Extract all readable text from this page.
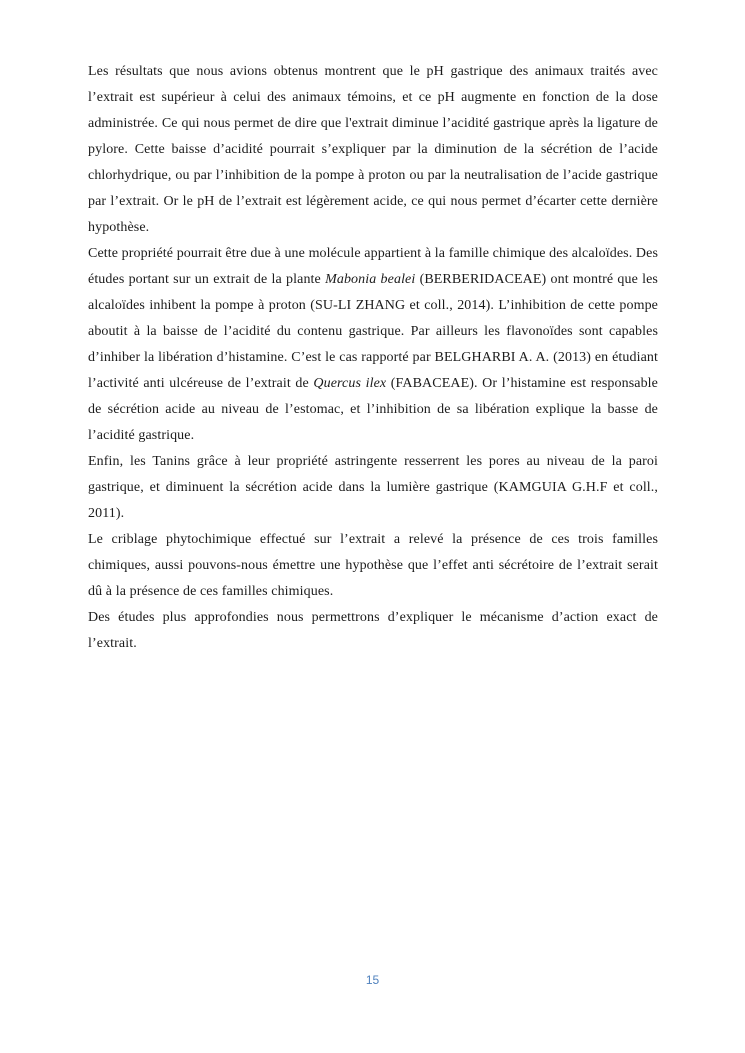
Les résultats que nous avions obtenus montrent que le pH gastrique des animaux traités avec l’extrait est supérieur à celui des animaux témoins, et ce pH augmente en fonction de la dose administrée. Ce qui nous permet de dire que l'extrait diminue l’acidité gastrique après la ligature de pylore. Cette baisse d’acidité pourrait s’expliquer par la diminution de la sécrétion de l’acide chlorhydrique, ou par l’inhibition de la pompe à proton ou par la neutralisation de l’acide gastrique par l’extrait. Or le pH de l’extrait est légèrement acide, ce qui nous permet d’écarter cette dernière hypothèse.

Cette propriété pourrait être due à une molécule appartient à la famille chimique des alcaloïdes. Des études portant sur un extrait de la plante Mabonia bealei (BERBERIDACEAE) ont montré que les alcaloïdes inhibent la pompe à proton (SU-LI ZHANG et coll., 2014). L’inhibition de cette pompe aboutit à la baisse de l’acidité du contenu gastrique. Par ailleurs les flavonoïdes sont capables d’inhiber la libération d’histamine. C’est le cas rapporté par BELGHARBI A. A. (2013) en étudiant l’activité anti ulcéreuse de l’extrait de Quercus ilex (FABACEAE). Or l’histamine est responsable de sécrétion acide au niveau de l’estomac, et l’inhibition de sa libération explique la basse de l’acidité gastrique.

Enfin, les Tanins grâce à leur propriété astringente resserrent les pores au niveau de la paroi gastrique, et diminuent la sécrétion acide dans la lumière gastrique (KAMGUIA G.H.F et coll., 2011).

Le criblage phytochimique effectué sur l’extrait a relevé la présence de ces trois familles chimiques, aussi pouvons-nous émettre une hypothèse que l’effet anti sécrétoire de l’extrait serait dû à la présence de ces familles chimiques.

Des études plus approfondies nous permettrons d’expliquer le mécanisme d’action exact de l’extrait.

15
